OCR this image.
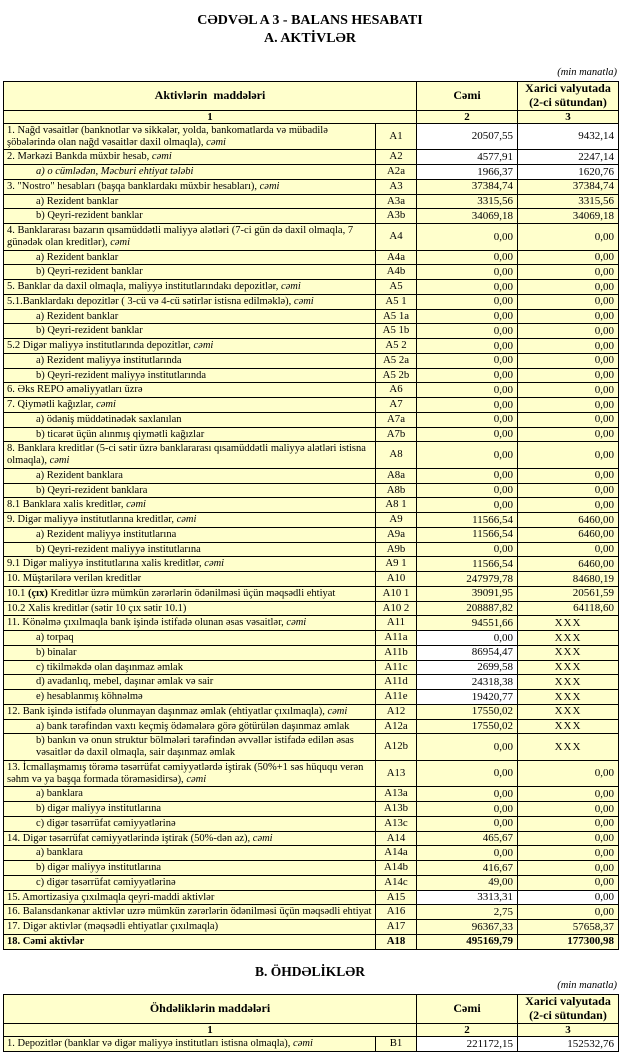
CƏDVƏL A 3 - BALANS HESABATI
A. AKTİVLƏR
(min manatla)
Aktivlərin  maddələri		Cəmi	Xarici valyutada
(2-ci sütundan)

1		2	3
1. Nağd vəsaitlər (banknotlar və sikkələr, yolda, bankomatlarda və mübadilə şöbələrində olan nağd vəsaitlər daxil olmaqla), cəmi	A1	20507,55	9432,14
2. Mərkəzi Bankda müxbir hesab, cəmi	A2	4577,91	2247,14
a) o cümlədən, Məcburi ehtiyat tələbi	A2a	1966,37	1620,76
3. "Nostro" hesabları (başqa banklardakı müxbir hesabları), cəmi	A3	37384,74	37384,74
a) Rezident banklar	A3a	3315,56	3315,56
b) Qeyri-rezident banklar	A3b	34069,18	34069,18
4. Banklararası bazarın qısamüddətli maliyyə alətləri (7-ci gün də daxil olmaqla, 7 günədək olan kreditlər), cəmi	A4	0,00	0,00
a) Rezident banklar	A4a	0,00	0,00
b) Qeyri-rezident banklar	A4b	0,00	0,00
5. Banklar da daxil olmaqla, maliyyə institutlarındakı depozitlər, cəmi	A5	0,00	0,00
5.1.Banklardakı depozitlər ( 3-cü və 4-cü sətirlər istisna edilməklə), cəmi	A5 1	0,00	0,00
a) Rezident banklar	A5 1a	0,00	0,00
b) Qeyri-rezident banklar	A5 1b	0,00	0,00
5.2 Digər maliyyə institutlarında depozitlər, cəmi	A5 2	0,00	0,00
a) Rezident maliyyə institutlarında	A5 2a	0,00	0,00
b) Qeyri-rezident maliyyə institutlarında	A5 2b	0,00	0,00
6. Əks REPO əməliyyatları üzrə	A6	0,00	0,00
7. Qiymətli kağızlar, cəmi	A7	0,00	0,00
a) ödəniş müddətinədək saxlanılan	A7a	0,00	0,00
b) ticarət üçün alınmış qiymətli kağızlar	A7b	0,00	0,00
8. Banklara kreditlər (5-ci sətir üzrə banklararası qısamüddətli maliyyə alətləri istisna olmaqla), cəmi	A8	0,00	0,00
a) Rezident banklara	A8a	0,00	0,00
b) Qeyri-rezident banklara	A8b	0,00	0,00
8.1 Banklara xalis kreditlər, cəmi	A8 1	0,00	0,00
9. Digər maliyyə institutlarına kreditlər, cəmi	A9	11566,54	6460,00
a) Rezident maliyyə institutlarına	A9a	11566,54	6460,00
b) Qeyri-rezident maliyyə institutlarına	A9b	0,00	0,00
9.1 Digər maliyyə institutlarına xalis kreditlər, cəmi	A9 1	11566,54	6460,00
10. Müştərilərə verilən kreditlər	A10	247979,78	84680,19
10.1 (çıx) Kreditlər üzrə mümkün zərərlərin ödənilməsi üçün məqsədli ehtiyat	A10 1	39091,95	20561,59
10.2 Xalis kreditlər (sətir 10 çıx sətir 10.1)	A10 2	208887,82	64118,60
11. Könəlmə çıxılmaqla bank işində istifadə olunan əsas vəsaitlər, cəmi	A11	94551,66	XXX
a) torpaq	A11a	0,00	XXX
b) binalar	A11b	86954,47	XXX
c) tikilməkdə olan daşınmaz əmlak	A11c	2699,58	XXX
d) avadanlıq, mebel, daşınar əmlak və sair	A11d	24318,38	XXX
e) hesablanmış köhnəlmə	A11e	19420,77	XXX
12. Bank işində istifadə olunmayan daşınmaz əmlak (ehtiyatlar çıxılmaqla), cəmi	A12	17550,02	XXX
a) bank tərəfindən vaxtı keçmiş ödəmələrə görə götürülən daşınmaz əmlak	A12a	17550,02	XXX
b) bankın və onun struktur bölmələri tərəfindən əvvəllər istifadə edilən əsas vəsaitlər də daxil olmaqla, sair daşınmaz əmlak	A12b	0,00	XXX
13. İcmallaşmamış törəmə təsərrüfat cəmiyyətlərdə iştirak (50%+1 səs hüququ verən səhm və ya başqa formada törəməsidirsə), cəmi	A13	0,00	0,00
a) banklara	A13a	0,00	0,00
b) digər maliyyə institutlarına	A13b	0,00	0,00
c) digər təsərrüfat cəmiyyətlərinə	A13c	0,00	0,00
14. Digər təsərrüfat cəmiyyətlərində iştirak (50%-dən az), cəmi	A14	465,67	0,00
a) banklara	A14a	0,00	0,00
b) digər maliyyə institutlarına	A14b	416,67	0,00
c) digər təsərrüfat cəmiyyətlərinə	A14c	49,00	0,00
15. Amortizasiya çıxılmaqla qeyri-maddi aktivlər	A15	3313,31	0,00
16. Balansdankənar aktivlər uzrə mümkün zərərlərin ödənilməsi üçün məqsədli ehtiyat	A16	2,75	0,00
17. Digər aktivlər (məqsədli ehtiyatlar çıxılmaqla)	A17	96367,33	57658,37
18. Cəmi aktivlər	A18	495169,79	177300,98
B. ÖHDƏLİKLƏR
(min manatla)
Öhdəliklərin maddələri		Cəmi	Xarici valyutada
(2-ci sütundan)

1		2	3
1. Depozitlər (banklar və digər maliyyə institutları istisna olmaqla), cəmi	B1	221172,15	152532,76
